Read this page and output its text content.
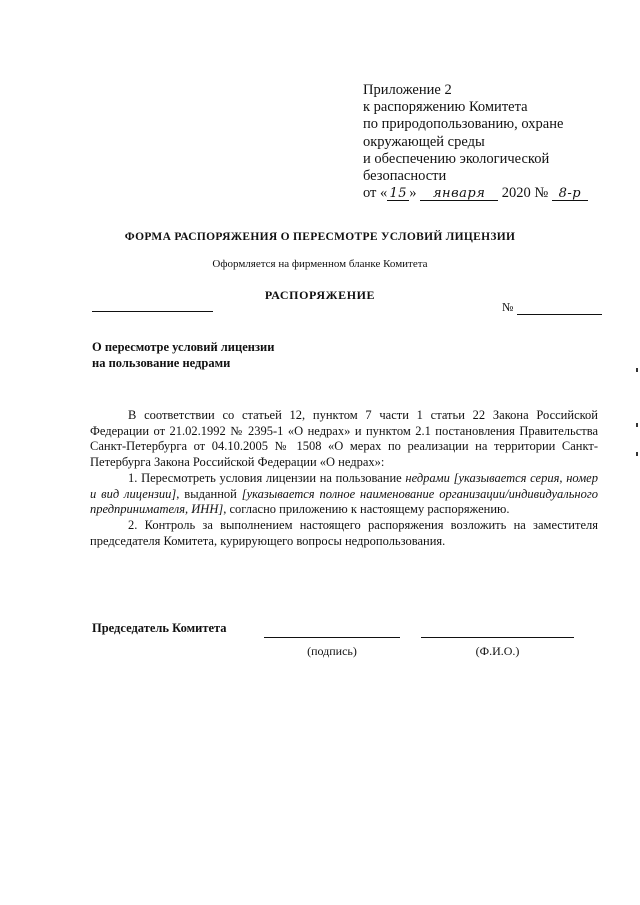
Приложение 2
к распоряжению Комитета
по природопользованию, охране
окружающей среды
и обеспечению экологической
безопасности
от « 15 » января 2020 № 8-р
ФОРМА РАСПОРЯЖЕНИЯ О ПЕРЕСМОТРЕ УСЛОВИЙ ЛИЦЕНЗИИ
Оформляется на фирменном бланке Комитета
РАСПОРЯЖЕНИЕ
№
О пересмотре условий лицензии
на пользование недрами

В соответствии со статьей 12, пунктом 7 части 1 статьи 22 Закона Российской Федерации от 21.02.1992 № 2395-1 «О недрах» и пунктом 2.1 постановления Правительства Санкт-Петербурга от 04.10.2005 № 1508 «О мерах по реализации на территории Санкт-Петербурга Закона Российской Федерации «О недрах»:

1. Пересмотреть условия лицензии на пользование недрами [указывается серия, номер и вид лицензии], выданной [указывается полное наименование организации/индивидуального предпринимателя, ИНН], согласно приложению к настоящему распоряжению.

2. Контроль за выполнением настоящего распоряжения возложить на заместителя председателя Комитета, курирующего вопросы недропользования.

Председатель Комитета
(подпись)	(Ф.И.О.)
